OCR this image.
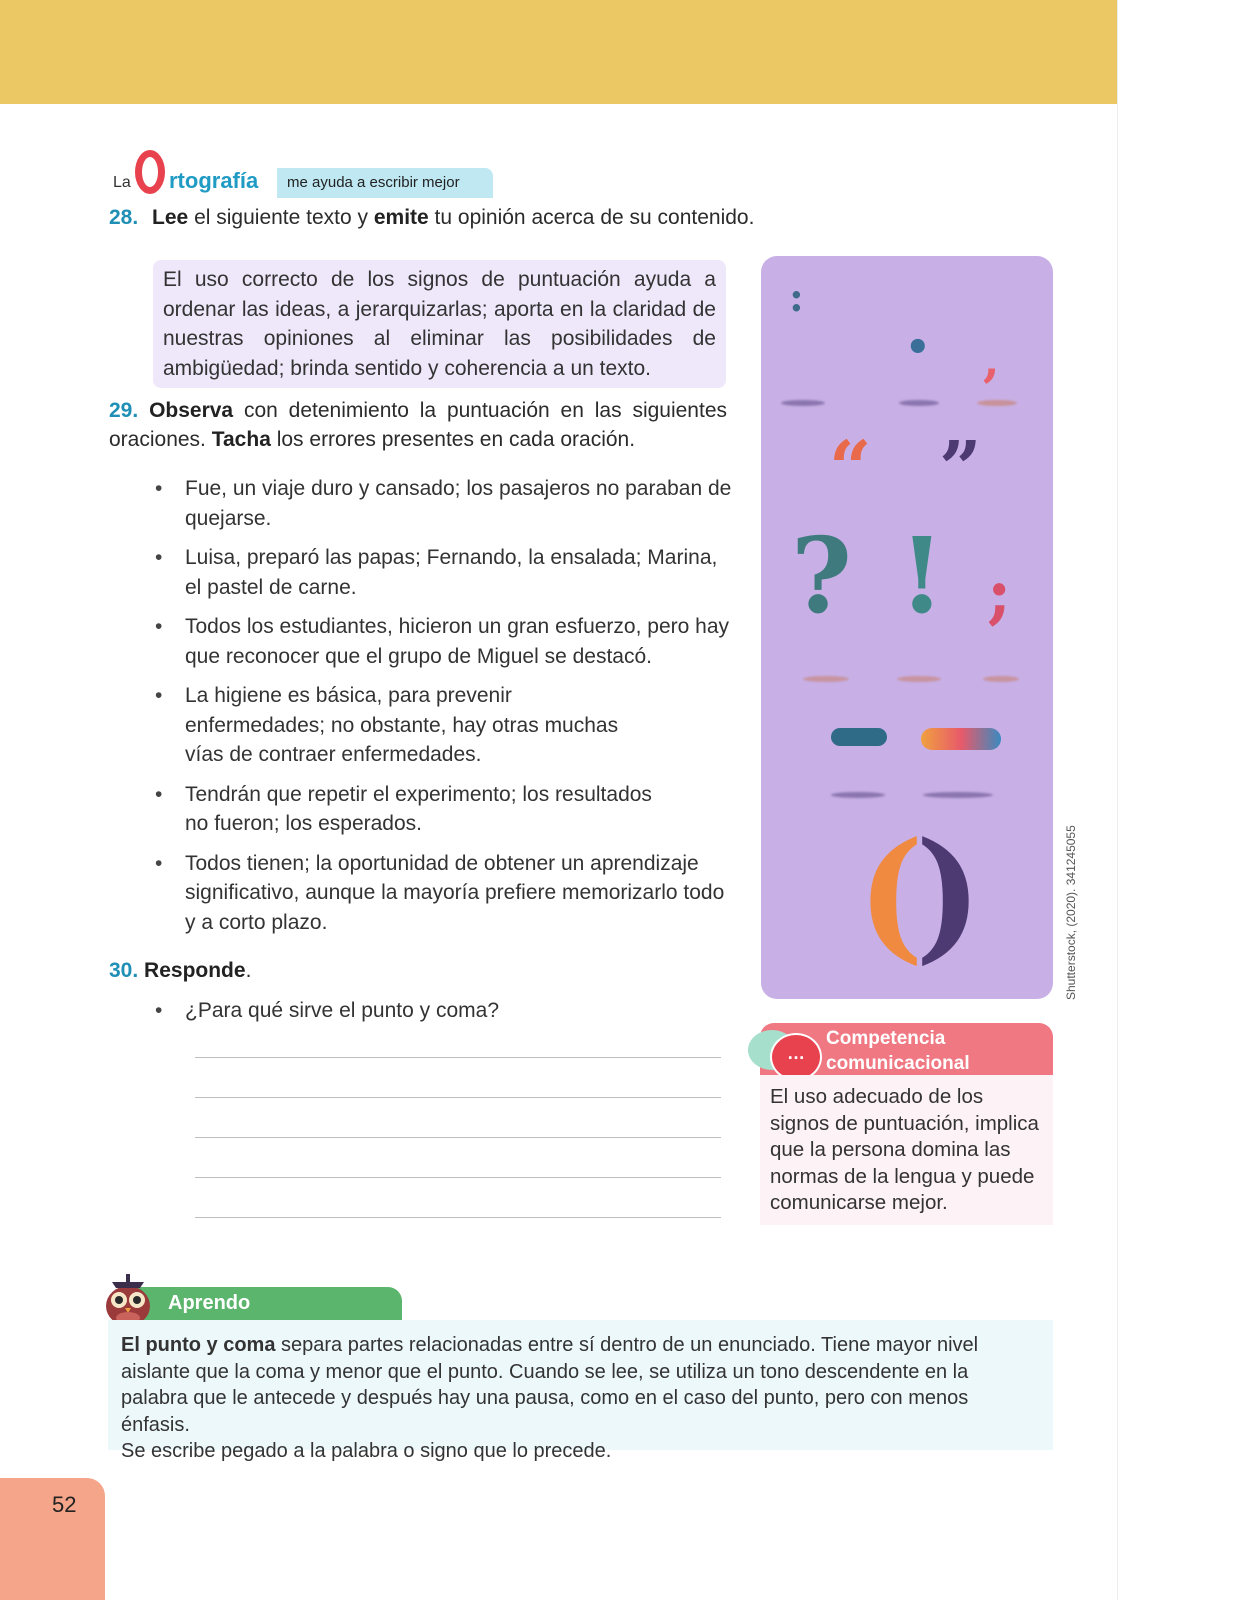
La rtografía me ayuda a escribir mejor
28. Lee el siguiente texto y emite tu opinión acerca de su contenido.
El uso correcto de los signos de puntuación ayuda a ordenar las ideas, a jerarquizarlas; aporta en la claridad de nuestras opiniones al eliminar las posibilidades de ambigüedad; brinda sentido y coherencia a un texto.
29. Observa con detenimiento la puntuación en las siguientes oraciones. Tacha los errores presentes en cada oración.
• Fue, un viaje duro y cansado; los pasajeros no paraban de quejarse.
• Luisa, preparó las papas; Fernando, la ensalada; Marina, el pastel de carne.
• Todos los estudiantes, hicieron un gran esfuerzo, pero hay que reconocer que el grupo de Miguel se destacó.
• La higiene es básica, para prevenir enfermedades; no obstante, hay otras muchas vías de contraer enfermedades.
• Tendrán que repetir el experimento; los resultados no fueron; los esperados.
• Todos tienen; la oportunidad de obtener un aprendizaje significativo, aunque la mayoría prefiere memorizarlo todo y a corto plazo.
30. Responde.
• ¿Para qué sirve el punto y coma?
:
• ,
“ ”
? ! ;
(
)	Shutterstock, (2020). 341245055
Competencia comunicacional
…
El uso adecuado de los signos de puntuación, implica que la persona domina las normas de la lengua y puede comunicarse mejor.
Aprendo
El punto y coma separa partes relacionadas entre sí dentro de un enunciado. Tiene mayor nivel aislante que la coma y menor que el punto. Cuando se lee, se utiliza un tono descendente en la palabra que le antecede y después hay una pausa, como en el caso del punto, pero con menos énfasis.
Se escribe pegado a la palabra o signo que lo precede.
52
